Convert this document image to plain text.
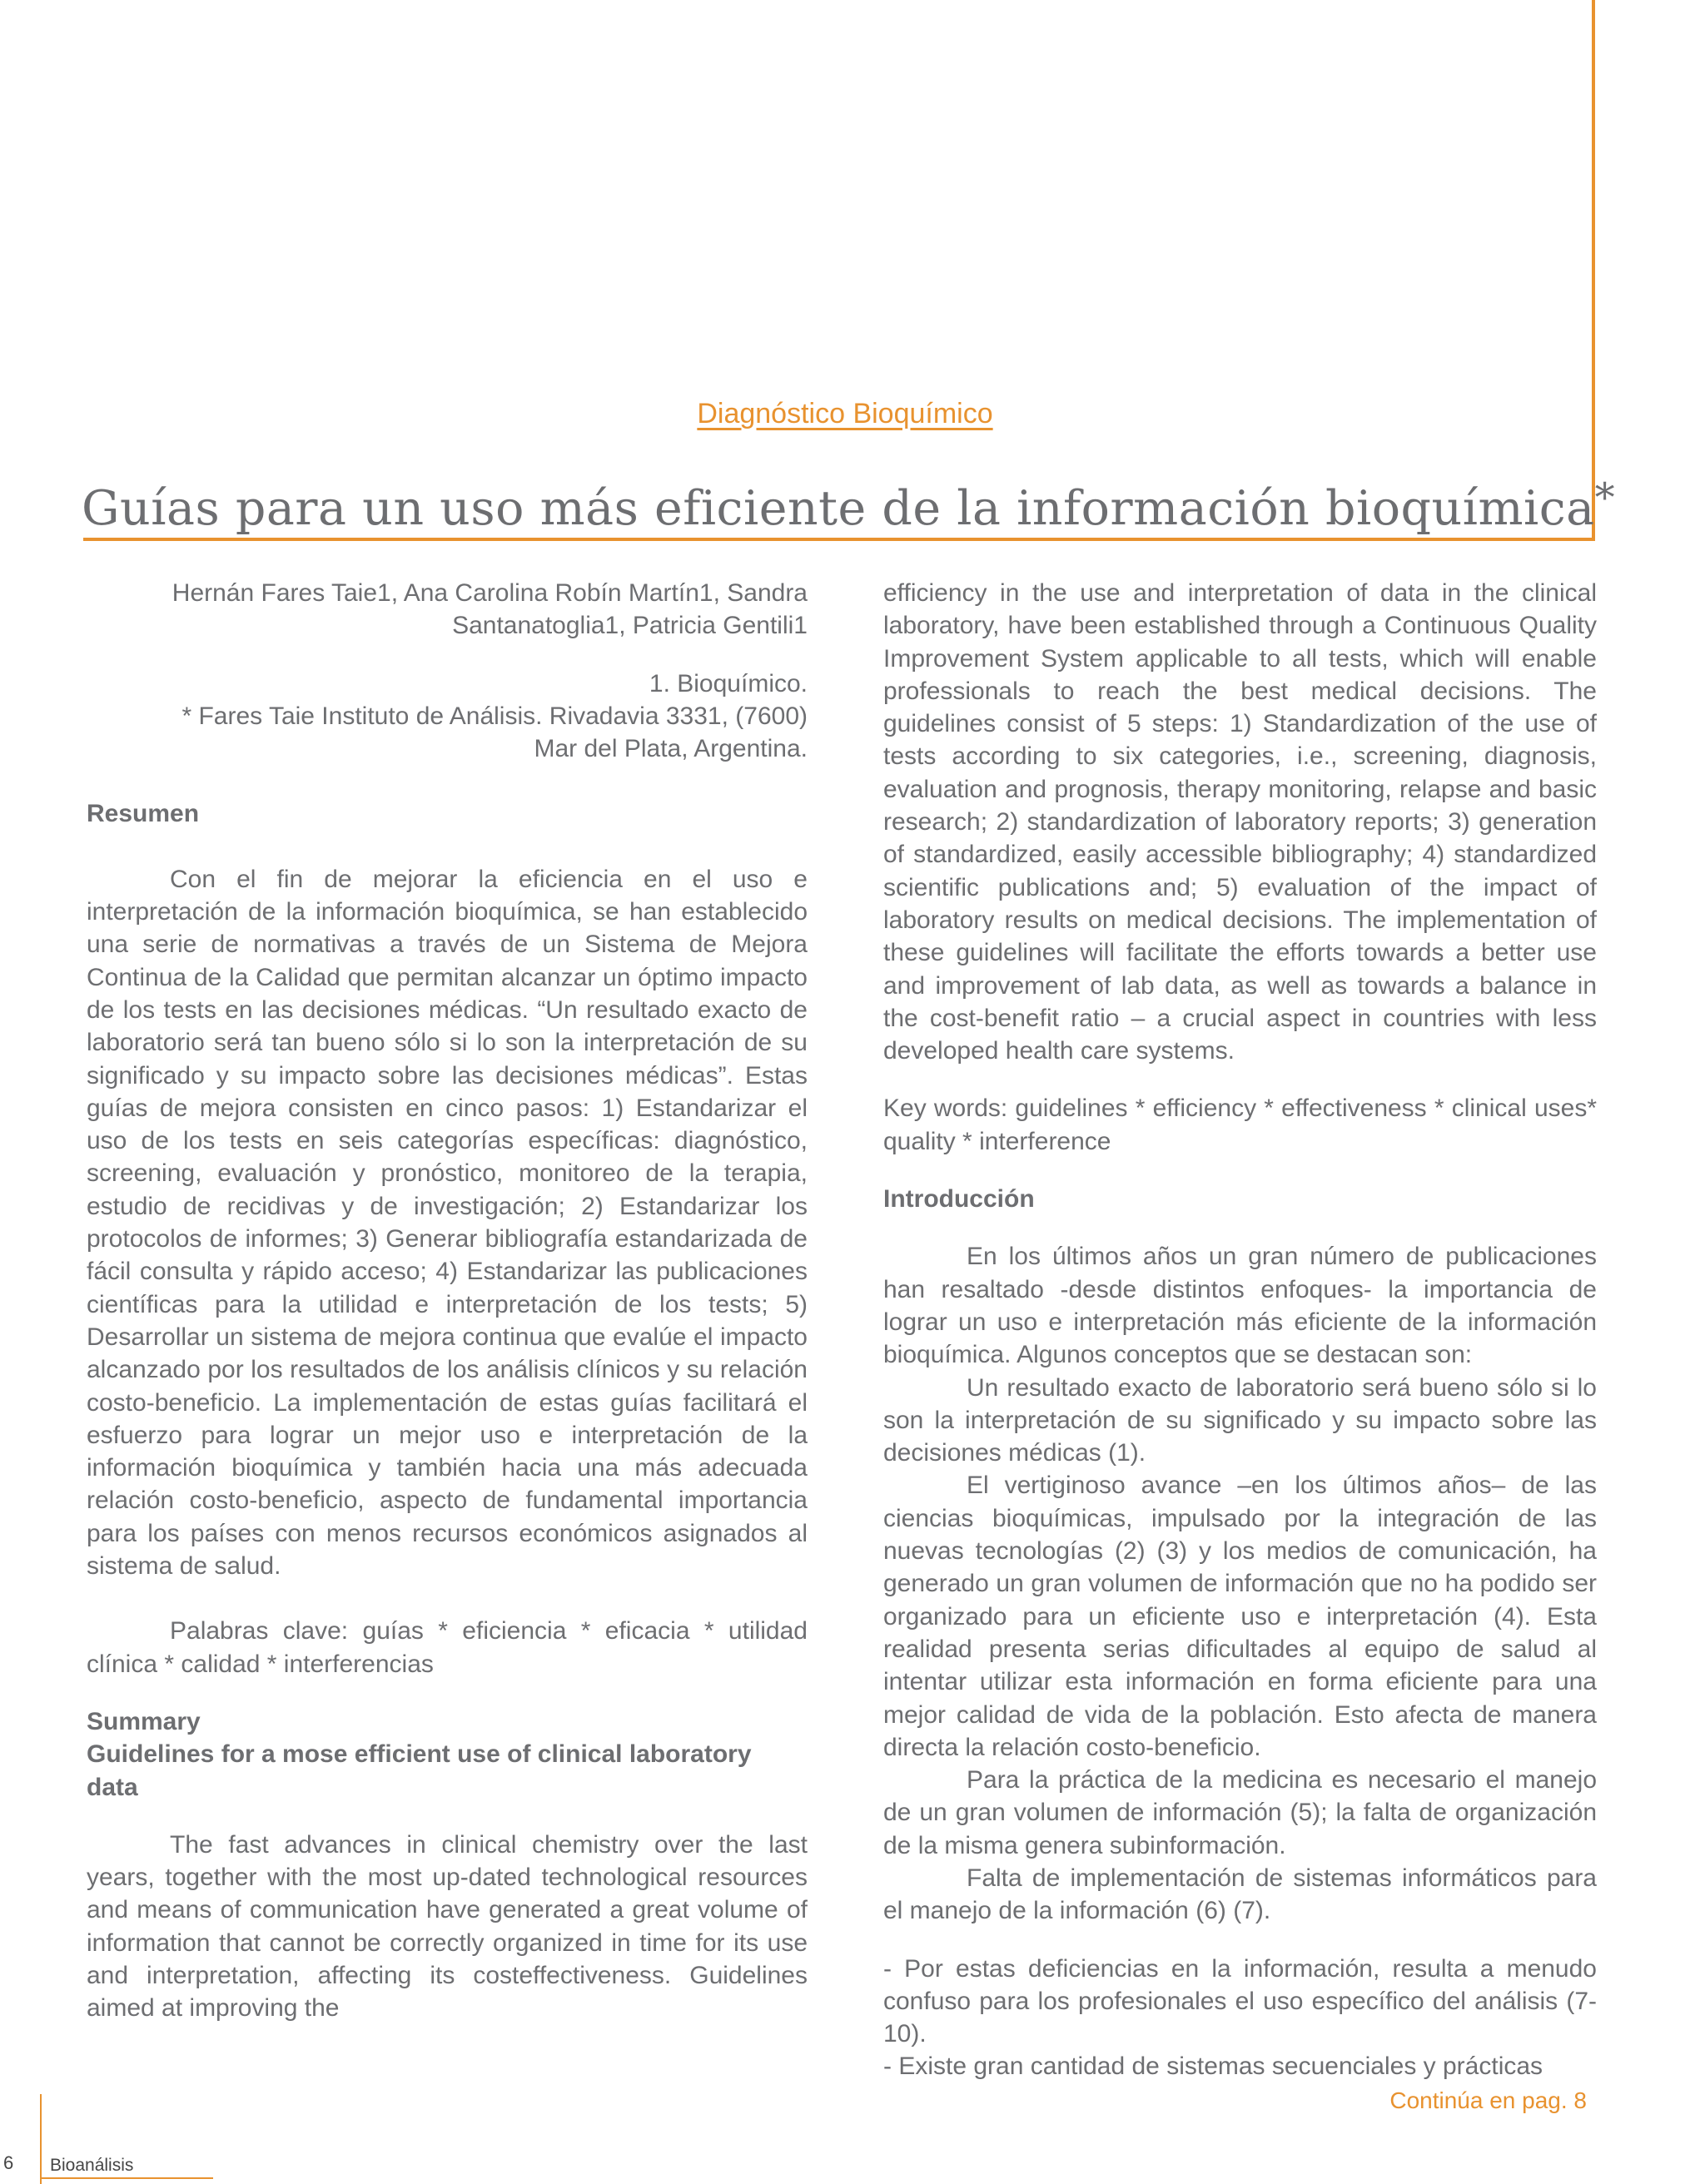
Diagnóstico Bioquímico
Guías para un uso más eficiente de la información bioquímica*

Hernán Fares Taie1, Ana Carolina Robín Martín1, Sandra

Santanatoglia1, Patricia Gentili1

1. Bioquímico.

* Fares Taie Instituto de Análisis. Rivadavia 3331, (7600)

Mar del Plata, Argentina.

Resumen

Con el fin de mejorar la eficiencia en el uso e interpretación de la información bioquímica, se han establecido una serie de normativas a través de un Sistema de Mejora Continua de la Calidad que permitan alcanzar un óptimo impacto de los tests en las decisiones médicas. “Un resultado exacto de laboratorio será tan bueno sólo si lo son la interpretación de su significado y su impacto sobre las decisiones médicas”. Estas guías de mejora consisten en cinco pasos: 1) Estandarizar el uso de los tests en seis categorías específicas: diagnóstico, screening, evaluación y pronóstico, monitoreo de la terapia, estudio de recidivas y de investigación; 2) Estandarizar los protocolos de informes; 3) Generar bibliografía estandarizada de fácil consulta y rápido acceso; 4) Estandarizar las publicaciones científicas para la utilidad e interpretación de los tests; 5) Desarrollar un sistema de mejora continua que evalúe el impacto alcanzado por los resultados de los análisis clínicos y su relación costo-beneficio. La implementación de estas guías facilitará el esfuerzo para lograr un mejor uso e interpretación de la información bioquímica y también hacia una más adecuada relación costo-beneficio, aspecto de fundamental importancia para los países con menos recursos económicos asignados al sistema de salud.

Palabras clave: guías * eficiencia * eficacia * utilidad clínica * calidad * interferencias

Summary

Guidelines for a mose efficient use of clinical laboratory data

The fast advances in clinical chemistry over the last years, together with the most up-dated technological resources and means of communication have generated a great volume of information that cannot be correctly organized in time for its use and interpretation, affecting its costeffectiveness. Guidelines aimed at improving the

efficiency in the use and interpretation of data in the clinical laboratory, have been established through a Continuous Quality Improvement System applicable to all tests, which will enable professionals to reach the best medical decisions. The guidelines consist of 5 steps: 1) Standardization of the use of tests according to six categories, i.e., screening, diagnosis, evaluation and prognosis, therapy monitoring, relapse and basic research; 2) standardization of laboratory reports; 3) generation of standardized, easily accessible bibliography; 4) standardized scientific publications and; 5) evaluation of the impact of laboratory results on medical decisions. The implementation of these guidelines will facilitate the efforts towards a better use and improvement of lab data, as well as towards a balance in the cost-benefit ratio – a crucial aspect in countries with less developed health care systems.

Key words: guidelines * efficiency * effectiveness * clinical uses* quality * interference

Introducción

En los últimos años un gran número de publicaciones han resaltado -desde distintos enfoques- la importancia de lograr un uso e interpretación más eficiente de la información bioquímica. Algunos conceptos que se destacan son:

Un resultado exacto de laboratorio será bueno sólo si lo son la interpretación de su significado y su impacto sobre las decisiones médicas (1).

El vertiginoso avance –en los últimos años– de las ciencias bioquímicas, impulsado por la integración de las nuevas tecnologías (2) (3) y los medios de comunicación, ha generado un gran volumen de información que no ha podido ser organizado para un eficiente uso e interpretación (4). Esta realidad presenta serias dificultades al equipo de salud al intentar utilizar esta información en forma eficiente para una mejor calidad de vida de la población. Esto afecta de manera directa la relación costo-beneficio.

Para la práctica de la medicina es necesario el manejo de un gran volumen de información (5); la falta de organización de la misma genera subinformación.

Falta de implementación de sistemas informáticos para el manejo de la información (6) (7).

- Por estas deficiencias en la información, resulta a menudo confuso para los profesionales el uso específico del análisis (7-10).

- Existe gran cantidad de sistemas secuenciales y prácticas

Continúa en pag. 8
6 Bioanálisis
